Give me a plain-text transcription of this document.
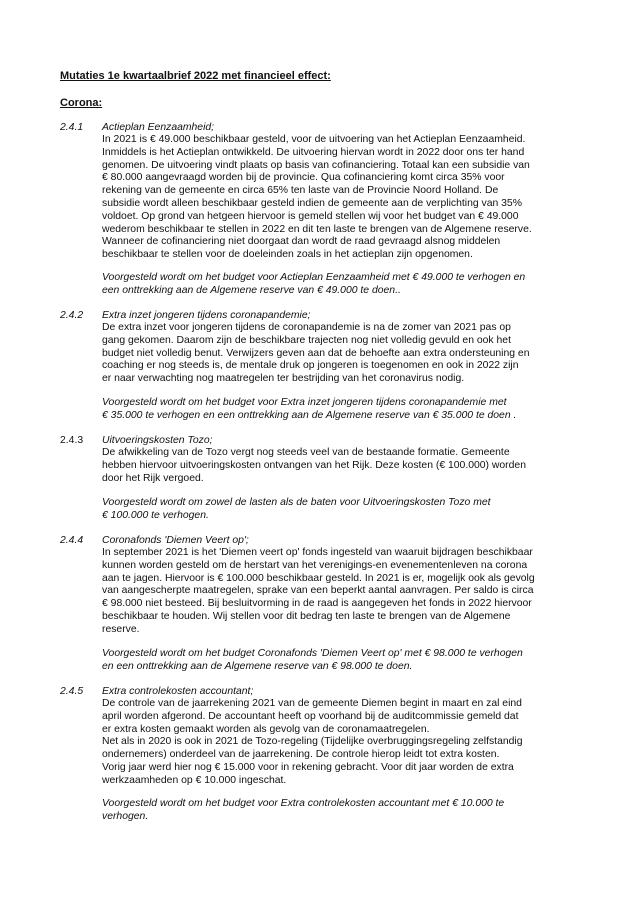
Mutaties 1e kwartaalbrief 2022 met financieel effect:
Corona:
2.4.1 Actieplan Eenzaamheid;
In 2021 is € 49.000 beschikbaar gesteld, voor de uitvoering van het Actieplan Eenzaamheid.
Inmiddels is het Actieplan ontwikkeld. De uitvoering hiervan wordt in 2022 door ons ter hand
genomen. De uitvoering vindt plaats op basis van cofinanciering. Totaal kan een subsidie van
€ 80.000 aangevraagd worden bij de provincie. Qua cofinanciering komt circa 35% voor
rekening van de gemeente en circa 65% ten laste van de Provincie Noord Holland. De
subsidie wordt alleen beschikbaar gesteld indien de gemeente aan de verplichting van 35%
voldoet. Op grond van hetgeen hiervoor is gemeld stellen wij voor het budget van € 49.000
wederom beschikbaar te stellen in 2022 en dit ten laste te brengen van de Algemene reserve.
Wanneer de cofinanciering niet doorgaat dan wordt de raad gevraagd alsnog middelen
beschikbaar te stellen voor de doeleinden zoals in het actieplan zijn opgenomen.
Voorgesteld wordt om het budget voor Actieplan Eenzaamheid met € 49.000 te verhogen en
een onttrekking aan de Algemene reserve van € 49.000 te doen..
2.4.2 Extra inzet jongeren tijdens coronapandemie;
De extra inzet voor jongeren tijdens de coronapandemie is na de zomer van 2021 pas op
gang gekomen. Daarom zijn de beschikbare trajecten nog niet volledig gevuld en ook het
budget niet volledig benut. Verwijzers geven aan dat de behoefte aan extra ondersteuning en
coaching er nog steeds is, de mentale druk op jongeren is toegenomen en ook in 2022 zijn
er naar verwachting nog maatregelen ter bestrijding van het coronavirus nodig.
Voorgesteld wordt om het budget voor Extra inzet jongeren tijdens coronapandemie met
€ 35.000 te verhogen en een onttrekking aan de Algemene reserve van € 35.000 te doen .
2.4.3 Uitvoeringskosten Tozo;
De afwikkeling van de Tozo vergt nog steeds veel van de bestaande formatie. Gemeente
hebben hiervoor uitvoeringskosten ontvangen van het Rijk. Deze kosten (€ 100.000) worden
door het Rijk vergoed.
Voorgesteld wordt om zowel de lasten als de baten voor Uitvoeringskosten Tozo met
€ 100.000 te verhogen.
2.4.4 Coronafonds 'Diemen Veert op';
In september 2021 is het 'Diemen veert op' fonds ingesteld van waaruit bijdragen beschikbaar
kunnen worden gesteld om de herstart van het verenigings-en evenementenleven na corona
aan te jagen. Hiervoor is € 100.000 beschikbaar gesteld. In 2021 is er, mogelijk ook als gevolg
van aangescherpte maatregelen, sprake van een beperkt aantal aanvragen. Per saldo is circa
€ 98.000 niet besteed. Bij besluitvorming in de raad is aangegeven het fonds in 2022 hiervoor
beschikbaar te houden. Wij stellen voor dit bedrag ten laste te brengen van de Algemene
reserve.
Voorgesteld wordt om het budget Coronafonds 'Diemen Veert op' met € 98.000 te verhogen
en een onttrekking aan de Algemene reserve van € 98.000 te doen.
2.4.5 Extra controlekosten accountant;
De controle van de jaarrekening 2021 van de gemeente Diemen begint in maart en zal eind
april worden afgerond. De accountant heeft op voorhand bij de auditcommissie gemeld dat
er extra kosten gemaakt worden als gevolg van de coronamaatregelen.
Net als in 2020 is ook in 2021 de Tozo-regeling (Tijdelijke overbruggingsregeling zelfstandig
ondernemers) onderdeel van de jaarrekening. De controle hierop leidt tot extra kosten.
Vorig jaar werd hier nog € 15.000 voor in rekening gebracht. Voor dit jaar worden de extra
werkzaamheden op € 10.000 ingeschat.
Voorgesteld wordt om het budget voor Extra controlekosten accountant met € 10.000 te
verhogen.
